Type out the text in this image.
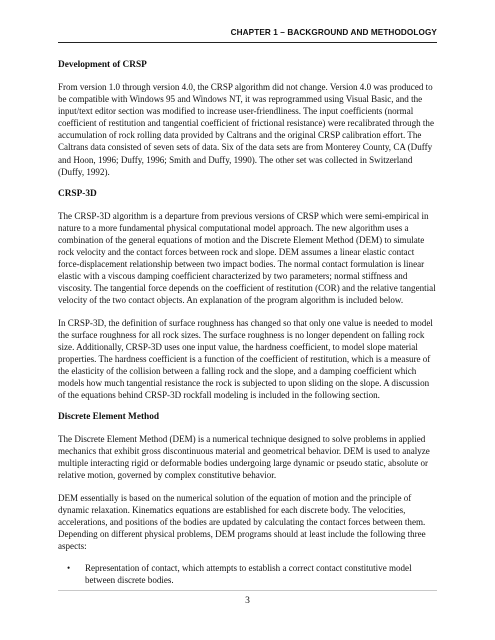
CHAPTER 1 – BACKGROUND AND METHODOLOGY
Development of CRSP

From version 1.0 through version 4.0, the CRSP algorithm did not change. Version 4.0 was produced to be compatible with Windows 95 and Windows NT, it was reprogrammed using Visual Basic, and the input/text editor section was modified to increase user-friendliness. The input coefficients (normal coefficient of restitution and tangential coefficient of frictional resistance) were recalibrated through the accumulation of rock rolling data provided by Caltrans and the original CRSP calibration effort. The Caltrans data consisted of seven sets of data. Six of the data sets are from Monterey County, CA (Duffy and Hoon, 1996; Duffy, 1996; Smith and Duffy, 1990). The other set was collected in Switzerland (Duffy, 1992).

CRSP-3D

The CRSP-3D algorithm is a departure from previous versions of CRSP which were semi-empirical in nature to a more fundamental physical computational model approach. The new algorithm uses a combination of the general equations of motion and the Discrete Element Method (DEM) to simulate rock velocity and the contact forces between rock and slope. DEM assumes a linear elastic contact force-displacement relationship between two impact bodies. The normal contact formulation is linear elastic with a viscous damping coefficient characterized by two parameters; normal stiffness and viscosity. The tangential force depends on the coefficient of restitution (COR) and the relative tangential velocity of the two contact objects. An explanation of the program algorithm is included below.

In CRSP-3D, the definition of surface roughness has changed so that only one value is needed to model the surface roughness for all rock sizes. The surface roughness is no longer dependent on falling rock size. Additionally, CRSP-3D uses one input value, the hardness coefficient, to model slope material properties. The hardness coefficient is a function of the coefficient of restitution, which is a measure of the elasticity of the collision between a falling rock and the slope, and a damping coefficient which models how much tangential resistance the rock is subjected to upon sliding on the slope. A discussion of the equations behind CRSP-3D rockfall modeling is included in the following section.

Discrete Element Method

The Discrete Element Method (DEM) is a numerical technique designed to solve problems in applied mechanics that exhibit gross discontinuous material and geometrical behavior. DEM is used to analyze multiple interacting rigid or deformable bodies undergoing large dynamic or pseudo static, absolute or relative motion, governed by complex constitutive behavior.

DEM essentially is based on the numerical solution of the equation of motion and the principle of dynamic relaxation. Kinematics equations are established for each discrete body. The velocities, accelerations, and positions of the bodies are updated by calculating the contact forces between them. Depending on different physical problems, DEM programs should at least include the following three aspects:

• Representation of contact, which attempts to establish a correct contact constitutive model between discrete bodies.
3
